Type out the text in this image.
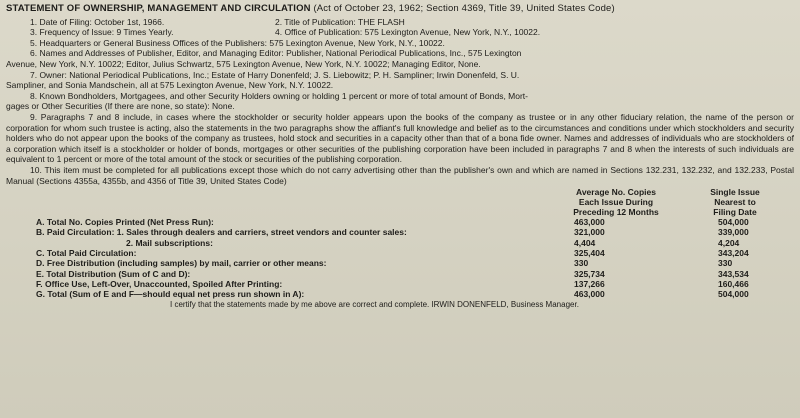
STATEMENT OF OWNERSHIP, MANAGEMENT AND CIRCULATION (Act of October 23, 1962; Section 4369, Title 39, United States Code)
1. Date of Filing: October 1st, 1966.	2. Title of Publication: THE FLASH
3. Frequency of Issue: 9 Times Yearly.	4. Office of Publication: 575 Lexington Avenue, New York, N.Y., 10022.
5. Headquarters or General Business Offices of the Publishers: 575 Lexington Avenue, New York, N.Y., 10022.
6. Names and Addresses of Publisher, Editor, and Managing Editor: Publisher, National Periodical Publications, Inc., 575 Lexington
Avenue, New York, N.Y. 10022; Editor, Julius Schwartz, 575 Lexington Avenue, New York, N.Y. 10022; Managing Editor, None.
7. Owner: National Periodical Publications, Inc.; Estate of Harry Donenfeld; J. S. Liebowitz; P. H. Sampliner; Irwin Donenfeld, S. U.
Sampliner, and Sonia Mandschein, all at 575 Lexington Avenue, New York, N.Y. 10022.
8. Known Bondholders, Mortgagees, and other Security Holders owning or holding 1 percent or more of total amount of Bonds, Mort-
gages or Other Securities (If there are none, so state): None.
9. Paragraphs 7 and 8 include, in cases where the stockholder or security holder appears upon the books of the company as trustee or in any other fiduciary relation, the name of the person or corporation for whom such trustee is acting, also the statements in the two paragraphs show the affiant's full knowledge and belief as to the circumstances and conditions under which stockholders and security holders who do not appear upon the books of the company as trustees, hold stock and securities in a capacity other than that of a bona fide owner. Names and addresses of individuals who are stockholders of a corporation which itself is a stockholder or holder of bonds, mortgages or other securities of the publishing corporation have been included in paragraphs 7 and 8 when the interests of such individuals are equivalent to 1 percent or more of the total amount of the stock or securities of the publishing corporation.
10. This item must be completed for all publications except those which do not carry advertising other than the publisher's own and which are named in Sections 132.231, 132.232, and 132.233, Postal Manual (Sections 4355a, 4355b, and 4356 of Title 39, United States Code)
Average No. Copies
Each Issue During
Preceding 12 Months
Single Issue
Nearest to
Filing Date
A. Total No. Copies Printed (Net Press Run):	463,000	504,000
B. Paid Circulation: 1. Sales through dealers and carriers, street vendors and counter sales:	321,000	339,000
2. Mail subscriptions:	4,404	4,204
C. Total Paid Circulation:	325,404	343,204
D. Free Distribution (including samples) by mail, carrier or other means:	330	330
E. Total Distribution (Sum of C and D):	325,734	343,534
F. Office Use, Left-Over, Unaccounted, Spoiled After Printing:	137,266	160,466
G. Total (Sum of E and F—should equal net press run shown in A):	463,000	504,000
I certify that the statements made by me above are correct and complete. IRWIN DONENFELD, Business Manager.
